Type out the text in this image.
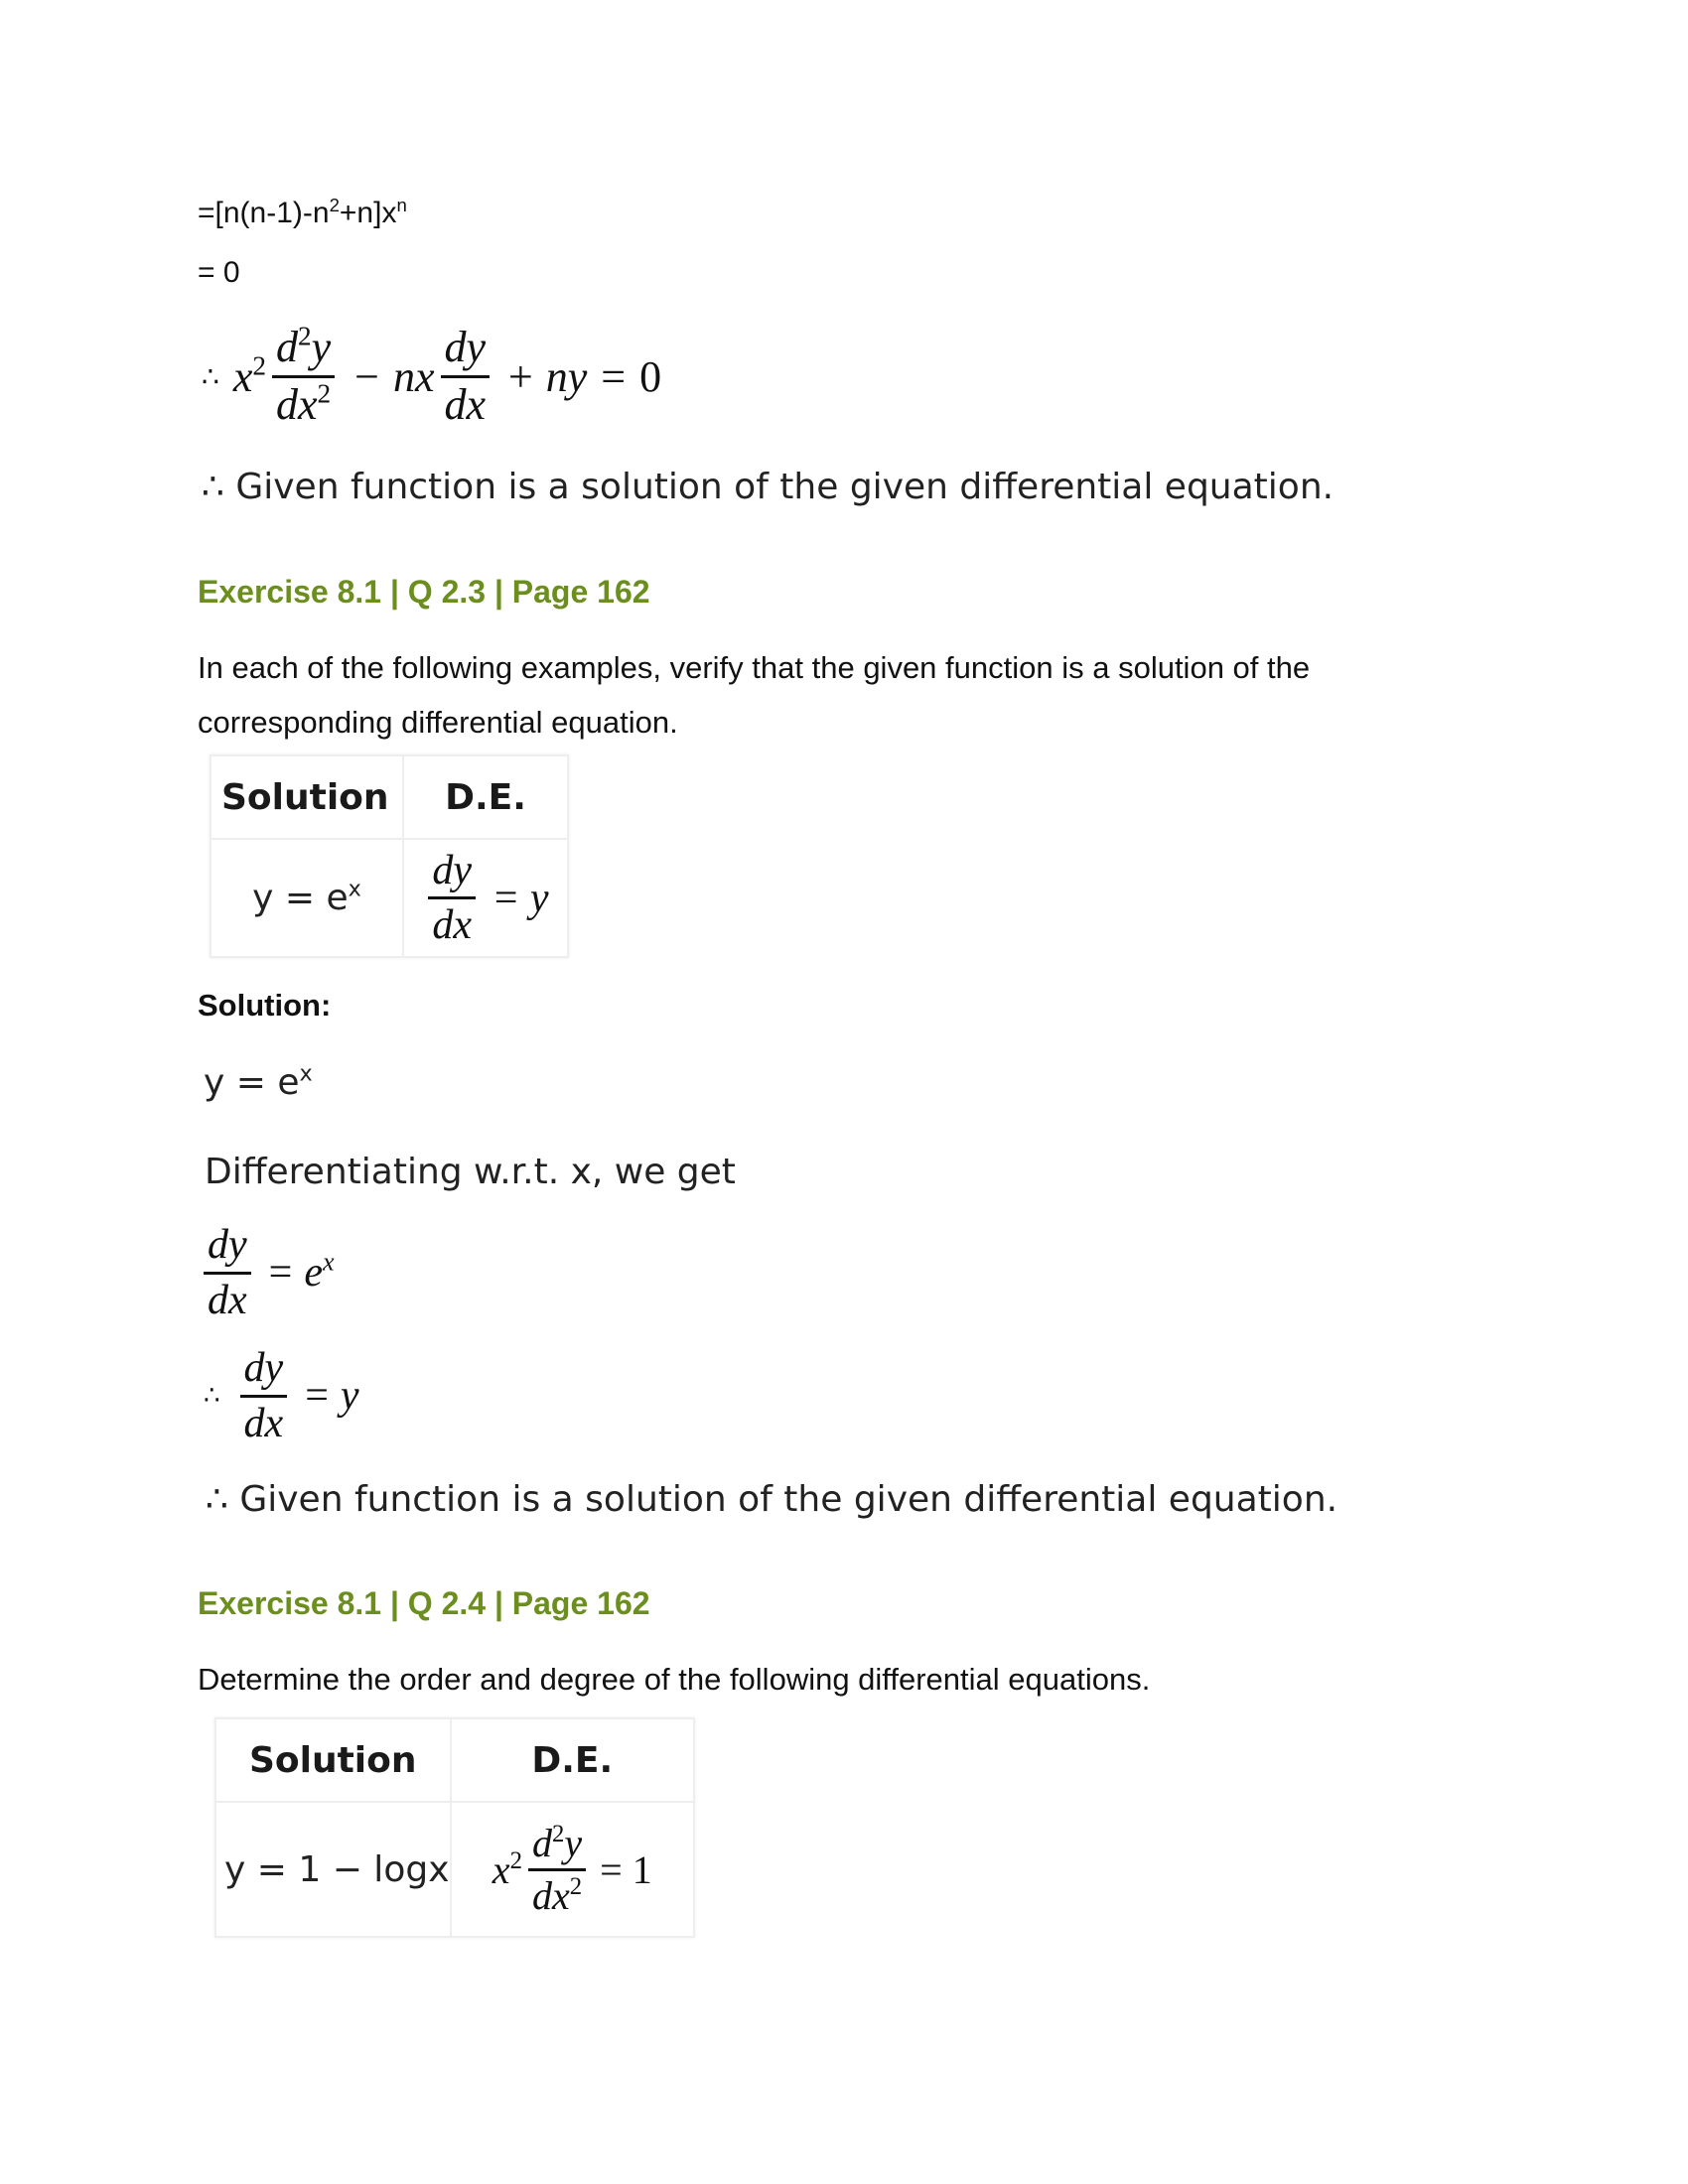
$=[n(n-1)-n^2+n]x^n$
= 0
∴ $x^2 \frac{d^2y}{dx^2}$ − nx $\frac{dy}{dx}$ + ny = 0
∴ Given function is a solution of the given differential equation.
Exercise 8.1 | Q 2.3 | Page 162
In each of the following examples, verify that the given function is a solution of the
corresponding differential equation.
Solution	D.E.
$y = e^x$	$\frac{dy}{dx} = y$
Solution:
$y = e^x$
Differentiating w.r.t. x, we get
$\frac{dy}{dx} = e^x$
∴ $\frac{dy}{dx} = y$
∴ Given function is a solution of the given differential equation.
Exercise 8.1 | Q 2.4 | Page 162
Determine the order and degree of the following differential equations.
Solution	D.E.
y = 1 − logx	$x^2 \frac{d^2y}{dx^2} = 1$
